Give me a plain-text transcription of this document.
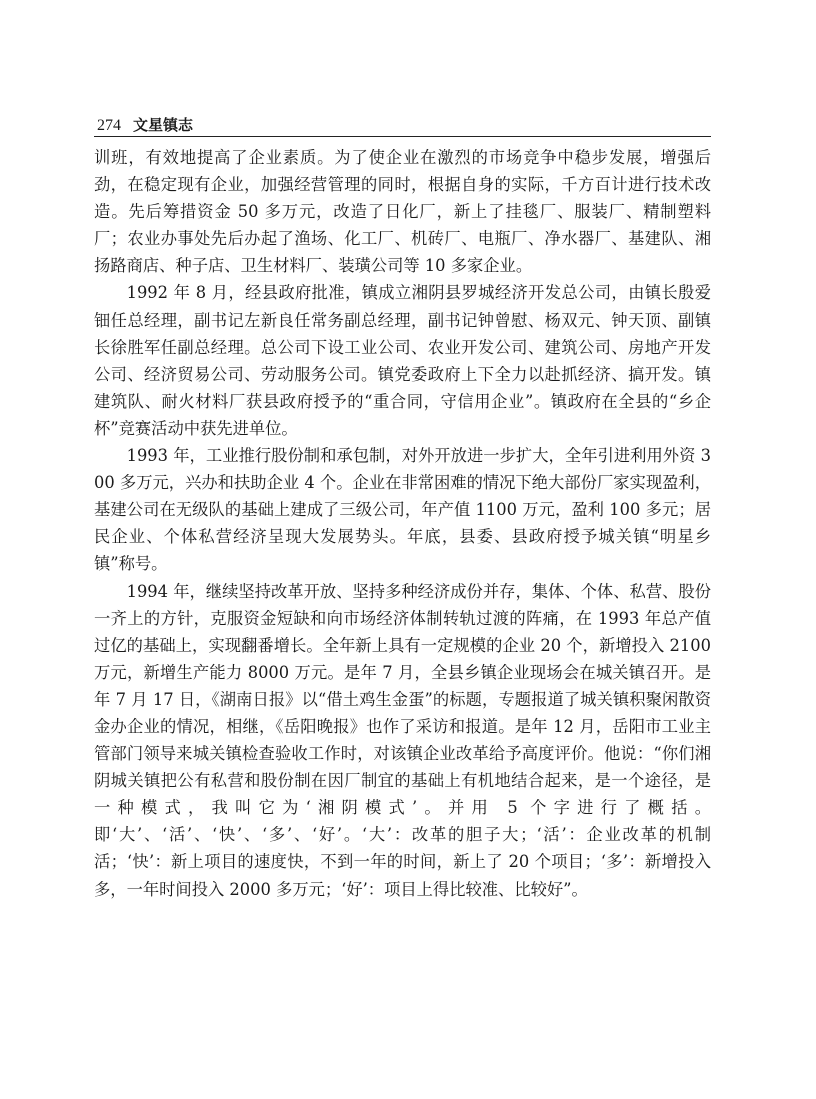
274 文星镇志

训班，有效地提高了企业素质。为了使企业在激烈的市场竞争中稳步发展，增强后劲，在稳定现有企业，加强经营管理的同时，根据自身的实际，千方百计进行技术改造。先后筹措资金 50 多万元，改造了日化厂，新上了挂毯厂、服装厂、精制塑料厂；农业办事处先后办起了渔场、化工厂、机砖厂、电瓶厂、净水器厂、基建队、湘扬路商店、种子店、卫生材料厂、装璜公司等 10 多家企业。

1992 年 8 月，经县政府批准，镇成立湘阴县罗城经济开发总公司，由镇长殷爱钿任总经理，副书记左新良任常务副总经理，副书记钟曾慰、杨双元、钟天顶、副镇长徐胜军任副总经理。总公司下设工业公司、农业开发公司、建筑公司、房地产开发公司、经济贸易公司、劳动服务公司。镇党委政府上下全力以赴抓经济、搞开发。镇建筑队、耐火材料厂获县政府授予的“重合同，守信用企业”。镇政府在全县的“乡企杯”竞赛活动中获先进单位。

1993 年，工业推行股份制和承包制，对外开放进一步扩大，全年引进利用外资 300 多万元，兴办和扶助企业 4 个。企业在非常困难的情况下绝大部份厂家实现盈利，基建公司在无级队的基础上建成了三级公司，年产值 1100 万元，盈利 100 多元；居民企业、个体私营经济呈现大发展势头。年底，县委、县政府授予城关镇“明星乡镇”称号。

1994 年，继续坚持改革开放、坚持多种经济成份并存，集体、个体、私营、股份一齐上的方针，克服资金短缺和向市场经济体制转轨过渡的阵痛，在 1993 年总产值过亿的基础上，实现翻番增长。全年新上具有一定规模的企业 20 个，新增投入 2100 万元，新增生产能力 8000 万元。是年 7 月，全县乡镇企业现场会在城关镇召开。是年 7 月 17 日，《湖南日报》以“借土鸡生金蛋”的标题，专题报道了城关镇积聚闲散资金办企业的情况，相继，《岳阳晚报》也作了采访和报道。是年 12 月，岳阳市工业主管部门领导来城关镇检查验收工作时，对该镇企业改革给予高度评价。他说：“你们湘阴城关镇把公有私营和股份制在因厂制宜的基础上有机地结合起来，是一个途径，是一种模式，我叫它为‘湘阴模式’。并用 5 个字进行了概括。即‘大’、‘活’、‘快’、‘多’、‘好’。‘大’：改革的胆子大；‘活’：企业改革的机制活；‘快’：新上项目的速度快，不到一年的时间，新上了 20 个项目；‘多’：新增投入多，一年时间投入 2000 多万元；‘好’：项目上得比较准、比较好”。
